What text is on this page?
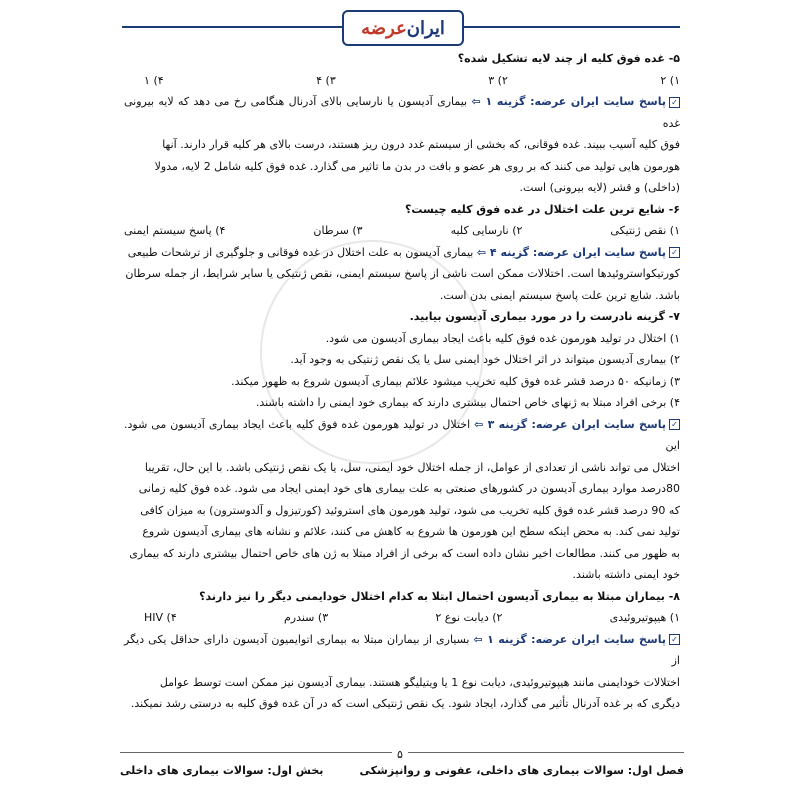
ایران
عرضه

۵- غده فوق کلیه از چند لایه تشکیل شده؟

۱) ۲
۲) ۳
۳) ۴
۴) ۱

✓پاسخ سایت ایران عرضه: گزینه ۱ ⇦ بیماری آدیسون یا نارسایی بالای آدرنال هنگامی رخ می دهد که لایه بیرونی غده

فوق کلیه آسیب ببیند. غده فوقانی، که بخشی از سیستم غدد درون ریز هستند، درست بالای هر کلیه قرار دارند. آنها

هورمون هایی تولید می کنند که بر روی هر عضو و بافت در بدن ما تاثیر می گذارد. غده فوق کلیه شامل 2 لایه، مدولا

(داخلی) و قشر (لایه بیرونی) است.

۶- شایع ترین علت اختلال در غده فوق کلیه چیست؟

۱) نقص ژنتیکی
۲) نارسایی کلیه
۳) سرطان
۴) پاسخ سیستم ایمنی

✓پاسخ سایت ایران عرضه: گزینه ۴ ⇦ بیماری آدیسون به علت اختلال در غده فوقانی و جلوگیری از ترشحات طبیعی

کورتیکواستروئیدها است. اختلالات ممکن است ناشی از پاسخ سیستم ایمنی، نقص ژنتیکی یا سایر شرایط، از جمله سرطان

باشد. شایع ترین علت پاسخ سیستم ایمنی بدن است.

۷- گزینه نادرست را در مورد بیماری آدیسون بیابید.

۱) اختلال در تولید هورمون غده فوق کلیه باعث ایجاد بیماری آدیسون می شود.

۲) بیماری آدیسون میتواند در اثر اختلال خود ایمنی سل یا یک نقص ژنتیکی به وجود آید.

۳) زمانیکه ۵۰ درصد قشر غده فوق کلیه تخریب میشود علائم بیماری آدیسون شروع به ظهور میکند.

۴) برخی افراد مبتلا به ژنهای خاص احتمال بیشتری دارند که بیماری خود ایمنی را داشته باشند.

✓پاسخ سایت ایران عرضه: گزینه ۳ ⇦ اختلال در تولید هورمون غده فوق کلیه باعث ایجاد بیماری آدیسون می شود. این

اختلال می تواند ناشی از تعدادی از عوامل، از جمله اختلال خود ایمنی، سل، یا یک نقص ژنتیکی باشد. با این حال، تقریبا

80درصد موارد بیماری آدیسون در کشورهای صنعتی به علت بیماری های خود ایمنی ایجاد می شود. غده فوق کلیه زمانی

که 90 درصد قشر غده فوق کلیه تخریب می شود، تولید هورمون های استروئید (کورتیزول و آلدوسترون) به میزان کافی

تولید نمی کند. به محض اینکه سطح این هورمون ها شروع به کاهش می کنند، علائم و نشانه های بیماری آدیسون شروع

به ظهور می کنند. مطالعات اخیر نشان داده است که برخی از افراد مبتلا به ژن های خاص احتمال بیشتری دارند که بیماری

خود ایمنی داشته باشند.

۸- بیماران مبتلا به بیماری آدیسون احتمال ابتلا به کدام اختلال خودایمنی دیگر را نیز دارند؟

۱) هیپوتیروئیدی
۲) دیابت نوع ۲
۳) سندرم
۴) HIV

✓پاسخ سایت ایران عرضه: گزینه ۱ ⇦ بسیاری از بیماران مبتلا به بیماری اتوایمیون آدیسون دارای حداقل یکی دیگر از

اختلالات خودایمنی مانند هیپوتیروئیدی، دیابت نوع 1 یا ویتیلیگو هستند. بیماری آدیسون نیز ممکن است توسط عوامل

دیگری که بر غده آدرنال تأثیر می گذارد، ایجاد شود. یک نقص ژنتیکی است که در آن غده فوق کلیه به درستی رشد نمیکند.

۵
فصل اول: سوالات بیماری های داخلی، عفونی و روانپزشکی
بخش اول: سوالات بیماری های داخلی
